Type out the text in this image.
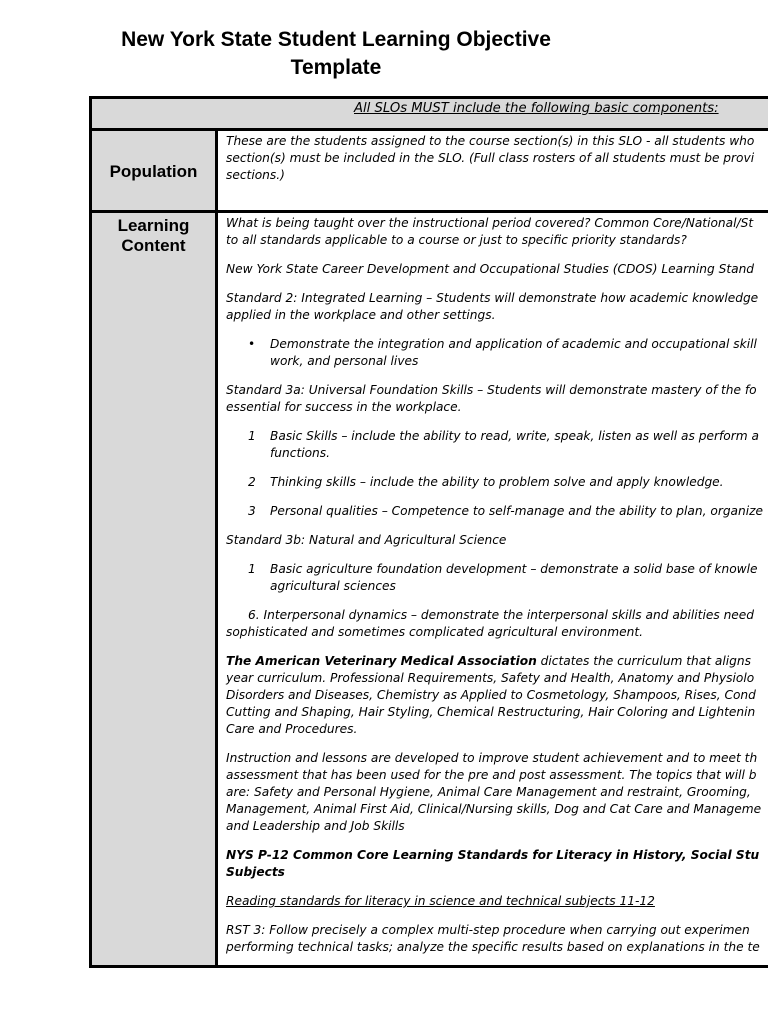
New York State Student Learning Objective
Template
All SLOs MUST include the following basic components:
Population

These are the students assigned to the course section(s) in this SLO - all students who
section(s) must be included in the SLO. (Full class rosters of all students must be provi
sections.)

Learning
Content

What is being taught over the instructional period covered? Common Core/National/St
to all standards applicable to a course or just to specific priority standards?

New York State Career Development and Occupational Studies (CDOS) Learning Stand

Standard 2: Integrated Learning – Students will demonstrate how academic knowledge
applied in the workplace and other settings.

• Demonstrate the integration and application of academic and occupational skill
work, and personal lives

Standard 3a: Universal Foundation Skills – Students will demonstrate mastery of the fo
essential for success in the workplace.

1 Basic Skills – include the ability to read, write, speak, listen as well as perform a
functions.
2 Thinking skills – include the ability to problem solve and apply knowledge.
3 Personal qualities – Competence to self-manage and the ability to plan, organize

Standard 3b: Natural and Agricultural Science

1 Basic agriculture foundation development – demonstrate a solid base of knowle
agricultural sciences
6. Interpersonal dynamics – demonstrate the interpersonal skills and abilities need
sophisticated and sometimes complicated agricultural environment.

The American Veterinary Medical Association dictates the curriculum that aligns
year curriculum. Professional Requirements, Safety and Health, Anatomy and Physiolo
Disorders and Diseases, Chemistry as Applied to Cosmetology, Shampoos, Rises, Cond
Cutting and Shaping, Hair Styling, Chemical Restructuring, Hair Coloring and Lightenin
Care and Procedures.

Instruction and lessons are developed to improve student achievement and to meet th
assessment that has been used for the pre and post assessment. The topics that will b
are: Safety and Personal Hygiene, Animal Care Management and restraint, Grooming,
Management, Animal First Aid, Clinical/Nursing skills, Dog and Cat Care and Manageme
and Leadership and Job Skills

NYS P-12 Common Core Learning Standards for Literacy in History, Social Stu
Subjects

Reading standards for literacy in science and technical subjects 11-12

RST 3: Follow precisely a complex multi-step procedure when carrying out experimen
performing technical tasks; analyze the specific results based on explanations in the te
